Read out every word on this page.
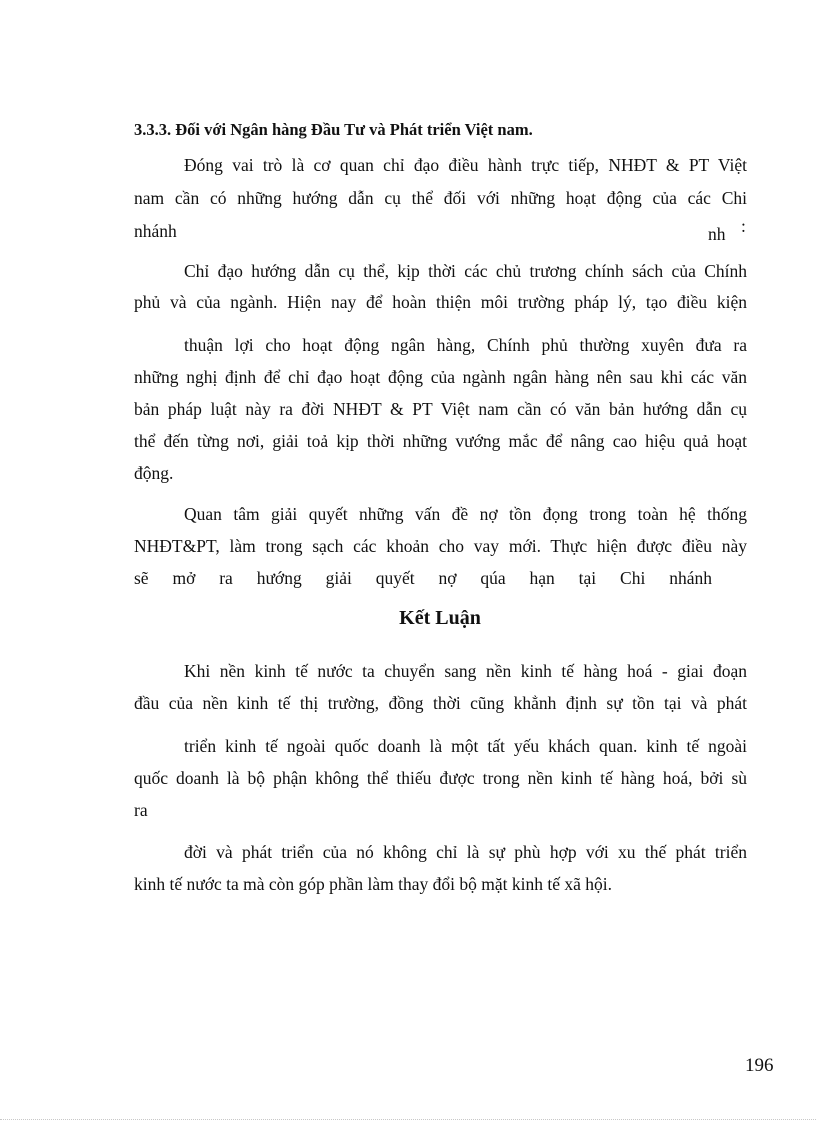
3.3.3. Đối với Ngân hàng Đầu Tư và Phát triển Việt nam.
Đóng vai trò là cơ quan chỉ đạo điều hành trực tiếp, NHĐT & PT Việt
nam cần có những hướng dẫn cụ thể đối với những hoạt động của các Chi
nhánh	nh :
Chỉ đạo hướng dẫn cụ thể, kịp thời các chủ trương chính sách của Chính
phủ và của ngành. Hiện nay để hoàn thiện môi trường pháp lý, tạo điều kiện
thuận lợi cho hoạt động ngân hàng, Chính phủ thường xuyên đưa ra
những nghị định để chỉ đạo hoạt động của ngành ngân hàng nên sau khi các văn
bản pháp luật này ra đời NHĐT & PT Việt nam cần có văn bản hướng dẫn cụ
thể đến từng nơi, giải toả kịp thời những vướng mắc để nâng cao hiệu quả hoạt
động.
Quan tâm giải quyết những vấn đề nợ tồn đọng trong toàn hệ thống
NHĐT&PT, làm trong sạch các khoản cho vay mới. Thực hiện được điều này
sẽ mở ra hướng giải quyết nợ qúa hạn tại Chi nhánh
Kết Luận
Khi nền kinh tế nước ta chuyển sang nền kinh tế hàng hoá - giai đoạn
đầu của nền kinh tế thị trường, đồng thời cũng khẳnh định sự tồn tại và phát
triển kinh tế ngoài quốc doanh là một tất yếu khách quan. kinh tế ngoài
quốc doanh là bộ phận không thể thiếu được trong nền kinh tế hàng hoá, bởi sù
ra
đời và phát triển của nó không chỉ là sự phù hợp với xu thế phát triển
kinh tế nước ta mà còn góp phần làm thay đổi bộ mặt kinh tế xã hội.
196
